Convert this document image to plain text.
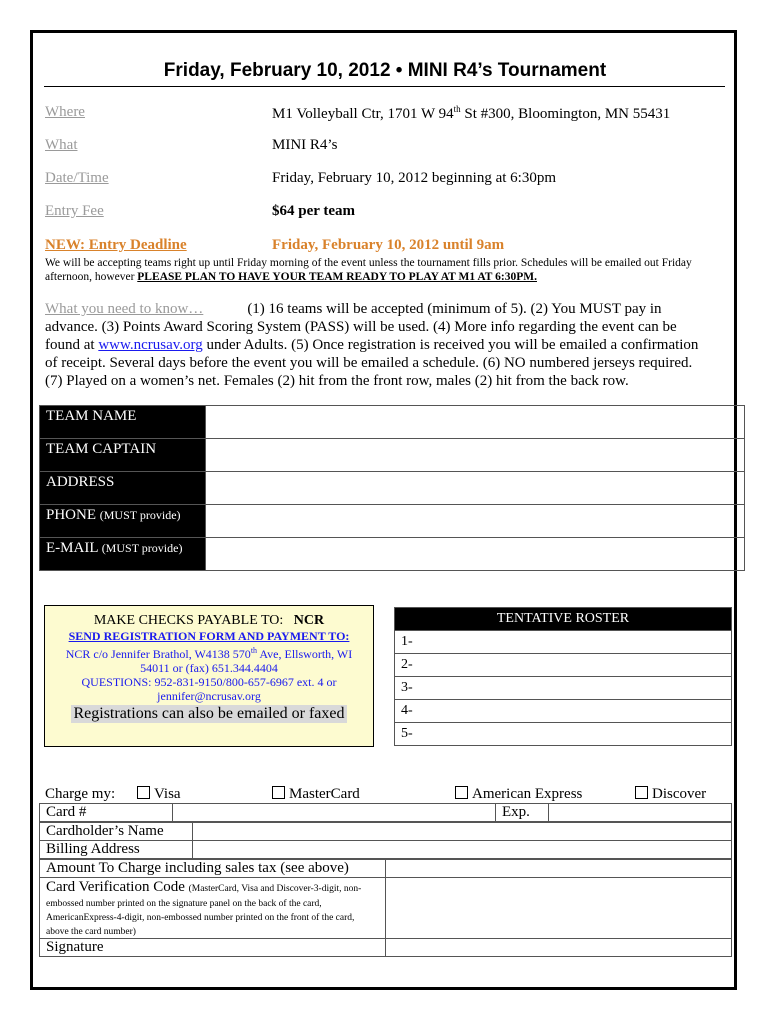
Friday, February 10, 2012 • MINI R4’s Tournament
Where	M1 Volleyball Ctr, 1701 W 94th St #300, Bloomington, MN 55431
What	MINI R4’s
Date/Time	Friday, February 10, 2012 beginning at 6:30pm
Entry Fee	$64 per team
NEW: Entry Deadline	Friday, February 10, 2012 until 9am
We will be accepting teams right up until Friday morning of the event unless the tournament fills prior. Schedules will be emailed out Friday afternoon, however PLEASE PLAN TO HAVE YOUR TEAM READY TO PLAY AT M1 AT 6:30PM.
What you need to know…	(1) 16 teams will be accepted (minimum of 5). (2) You MUST pay in advance. (3) Points Award Scoring System (PASS) will be used. (4) More info regarding the event can be found at www.ncrusav.org under Adults. (5) Once registration is received you will be emailed a confirmation of receipt. Several days before the event you will be emailed a schedule. (6) NO numbered jerseys required. (7) Played on a women’s net. Females (2) hit from the front row, males (2) hit from the back row.
TEAM NAME	
TEAM CAPTAIN	
ADDRESS	
PHONE (MUST provide)	
E-MAIL (MUST provide)	
MAKE CHECKS PAYABLE TO: NCR
SEND REGISTRATION FORM AND PAYMENT TO:
NCR c/o Jennifer Brathol, W4138 570th Ave, Ellsworth, WI
54011 or (fax) 651.344.4404
QUESTIONS: 952-831-9150/800-657-6967 ext. 4 or
jennifer@ncrusav.org
Registrations can also be emailed or faxed
TENTATIVE ROSTER
1-
2-
3-
4-
5-
Charge my:	Visa	MasterCard	American Express	Discover
Card #		Exp.	
Cardholder’s Name	
Billing Address	
Amount To Charge including sales tax (see above)	
Card Verification Code (MasterCard, Visa and Discover-3-digit, non-embossed number printed on the signature panel on the back of the card, AmericanExpress-4-digit, non-embossed number printed on the front of the card, above the card number)	
Signature	
